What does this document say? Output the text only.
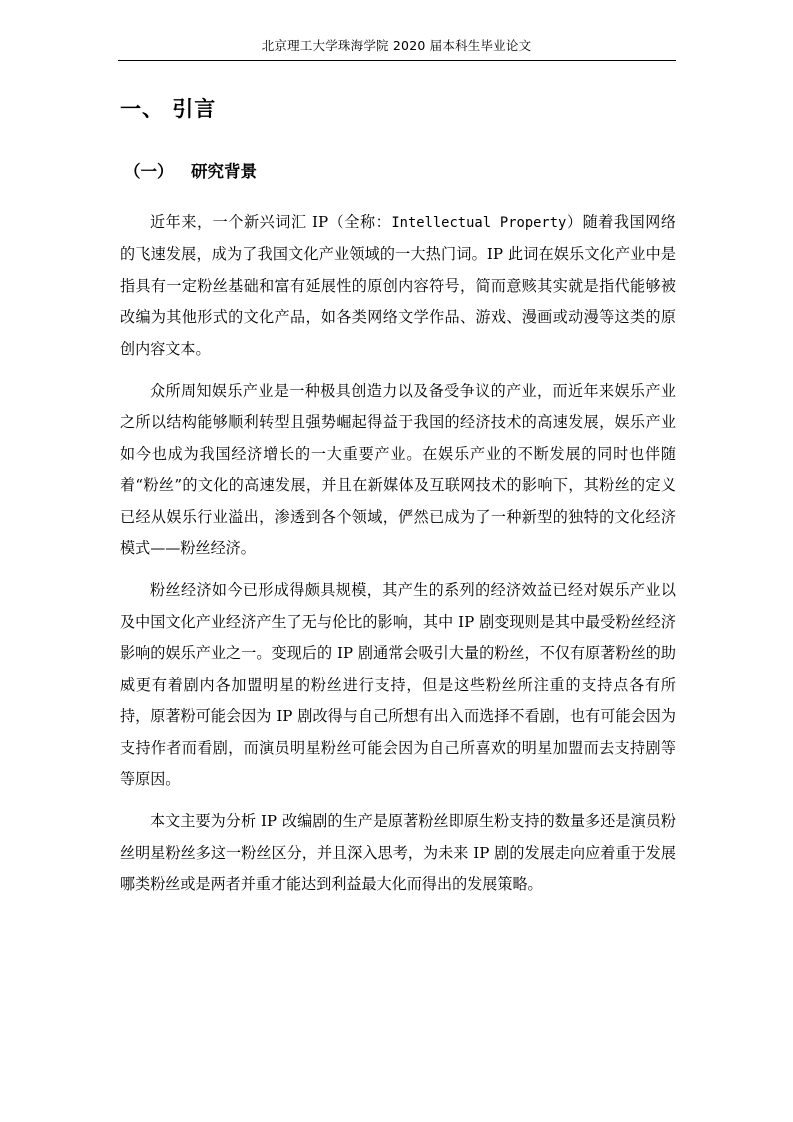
北京理工大学珠海学院 2020 届本科生毕业论文
一、 引言
（一） 研究背景

近年来，一个新兴词汇 IP（全称：Intellectual Property）随着我国网络的飞速发展，成为了我国文化产业领域的一大热门词。IP 此词在娱乐文化产业中是指具有一定粉丝基础和富有延展性的原创内容符号，简而意赅其实就是指代能够被改编为其他形式的文化产品，如各类网络文学作品、游戏、漫画或动漫等这类的原创内容文本。

众所周知娱乐产业是一种极具创造力以及备受争议的产业，而近年来娱乐产业之所以结构能够顺利转型且强势崛起得益于我国的经济技术的高速发展，娱乐产业如今也成为我国经济增长的一大重要产业。在娱乐产业的不断发展的同时也伴随着“粉丝”的文化的高速发展，并且在新媒体及互联网技术的影响下，其粉丝的定义已经从娱乐行业溢出，渗透到各个领域，俨然已成为了一种新型的独特的文化经济模式——粉丝经济。

粉丝经济如今已形成得颇具规模，其产生的系列的经济效益已经对娱乐产业以及中国文化产业经济产生了无与伦比的影响，其中 IP 剧变现则是其中最受粉丝经济影响的娱乐产业之一。变现后的 IP 剧通常会吸引大量的粉丝，不仅有原著粉丝的助威更有着剧内各加盟明星的粉丝进行支持，但是这些粉丝所注重的支持点各有所持，原著粉可能会因为 IP 剧改得与自己所想有出入而选择不看剧，也有可能会因为支持作者而看剧，而演员明星粉丝可能会因为自己所喜欢的明星加盟而去支持剧等等原因。

本文主要为分析 IP 改编剧的生产是原著粉丝即原生粉支持的数量多还是演员粉丝明星粉丝多这一粉丝区分，并且深入思考，为未来 IP 剧的发展走向应着重于发展哪类粉丝或是两者并重才能达到利益最大化而得出的发展策略。
